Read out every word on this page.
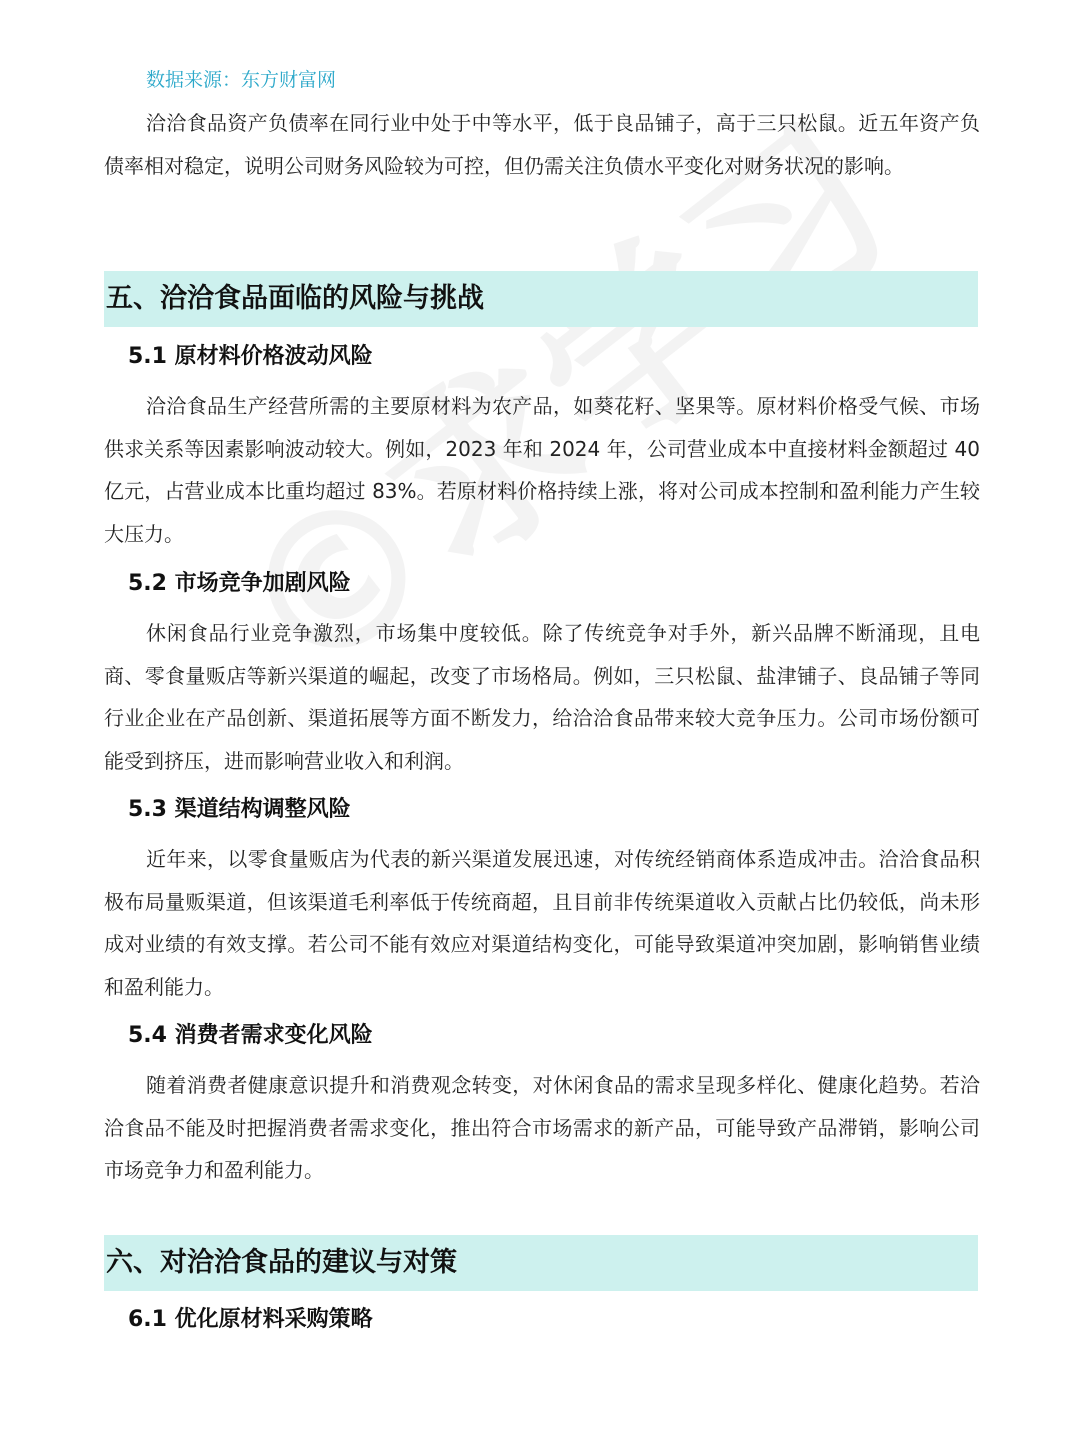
数据来源：东方财富网

洽洽食品资产负债率在同行业中处于中等水平，低于良品铺子，高于三只松鼠。近五年资产负债率相对稳定，说明公司财务风险较为可控，但仍需关注负债水平变化对财务状况的影响。

五、洽洽食品面临的风险与挑战
5.1 原材料价格波动风险

洽洽食品生产经营所需的主要原材料为农产品，如葵花籽、坚果等。原材料价格受气候、市场供求关系等因素影响波动较大。例如，2023 年和 2024 年，公司营业成本中直接材料金额超过 40 亿元，占营业成本比重均超过 83%。若原材料价格持续上涨，将对公司成本控制和盈利能力产生较大压力。

5.2 市场竞争加剧风险

休闲食品行业竞争激烈，市场集中度较低。除了传统竞争对手外，新兴品牌不断涌现，且电商、零食量贩店等新兴渠道的崛起，改变了市场格局。例如，三只松鼠、盐津铺子、良品铺子等同行业企业在产品创新、渠道拓展等方面不断发力，给洽洽食品带来较大竞争压力。公司市场份额可能受到挤压，进而影响营业收入和利润。

5.3 渠道结构调整风险

近年来，以零食量贩店为代表的新兴渠道发展迅速，对传统经销商体系造成冲击。洽洽食品积极布局量贩渠道，但该渠道毛利率低于传统商超，且目前非传统渠道收入贡献占比仍较低，尚未形成对业绩的有效支撑。若公司不能有效应对渠道结构变化，可能导致渠道冲突加剧，影响销售业绩和盈利能力。

5.4 消费者需求变化风险

随着消费者健康意识提升和消费观念转变，对休闲食品的需求呈现多样化、健康化趋势。若洽洽食品不能及时把握消费者需求变化，推出符合市场需求的新产品，可能导致产品滞销，影响公司市场竞争力和盈利能力。

六、对洽洽食品的建议与对策
6.1 优化原材料采购策略
